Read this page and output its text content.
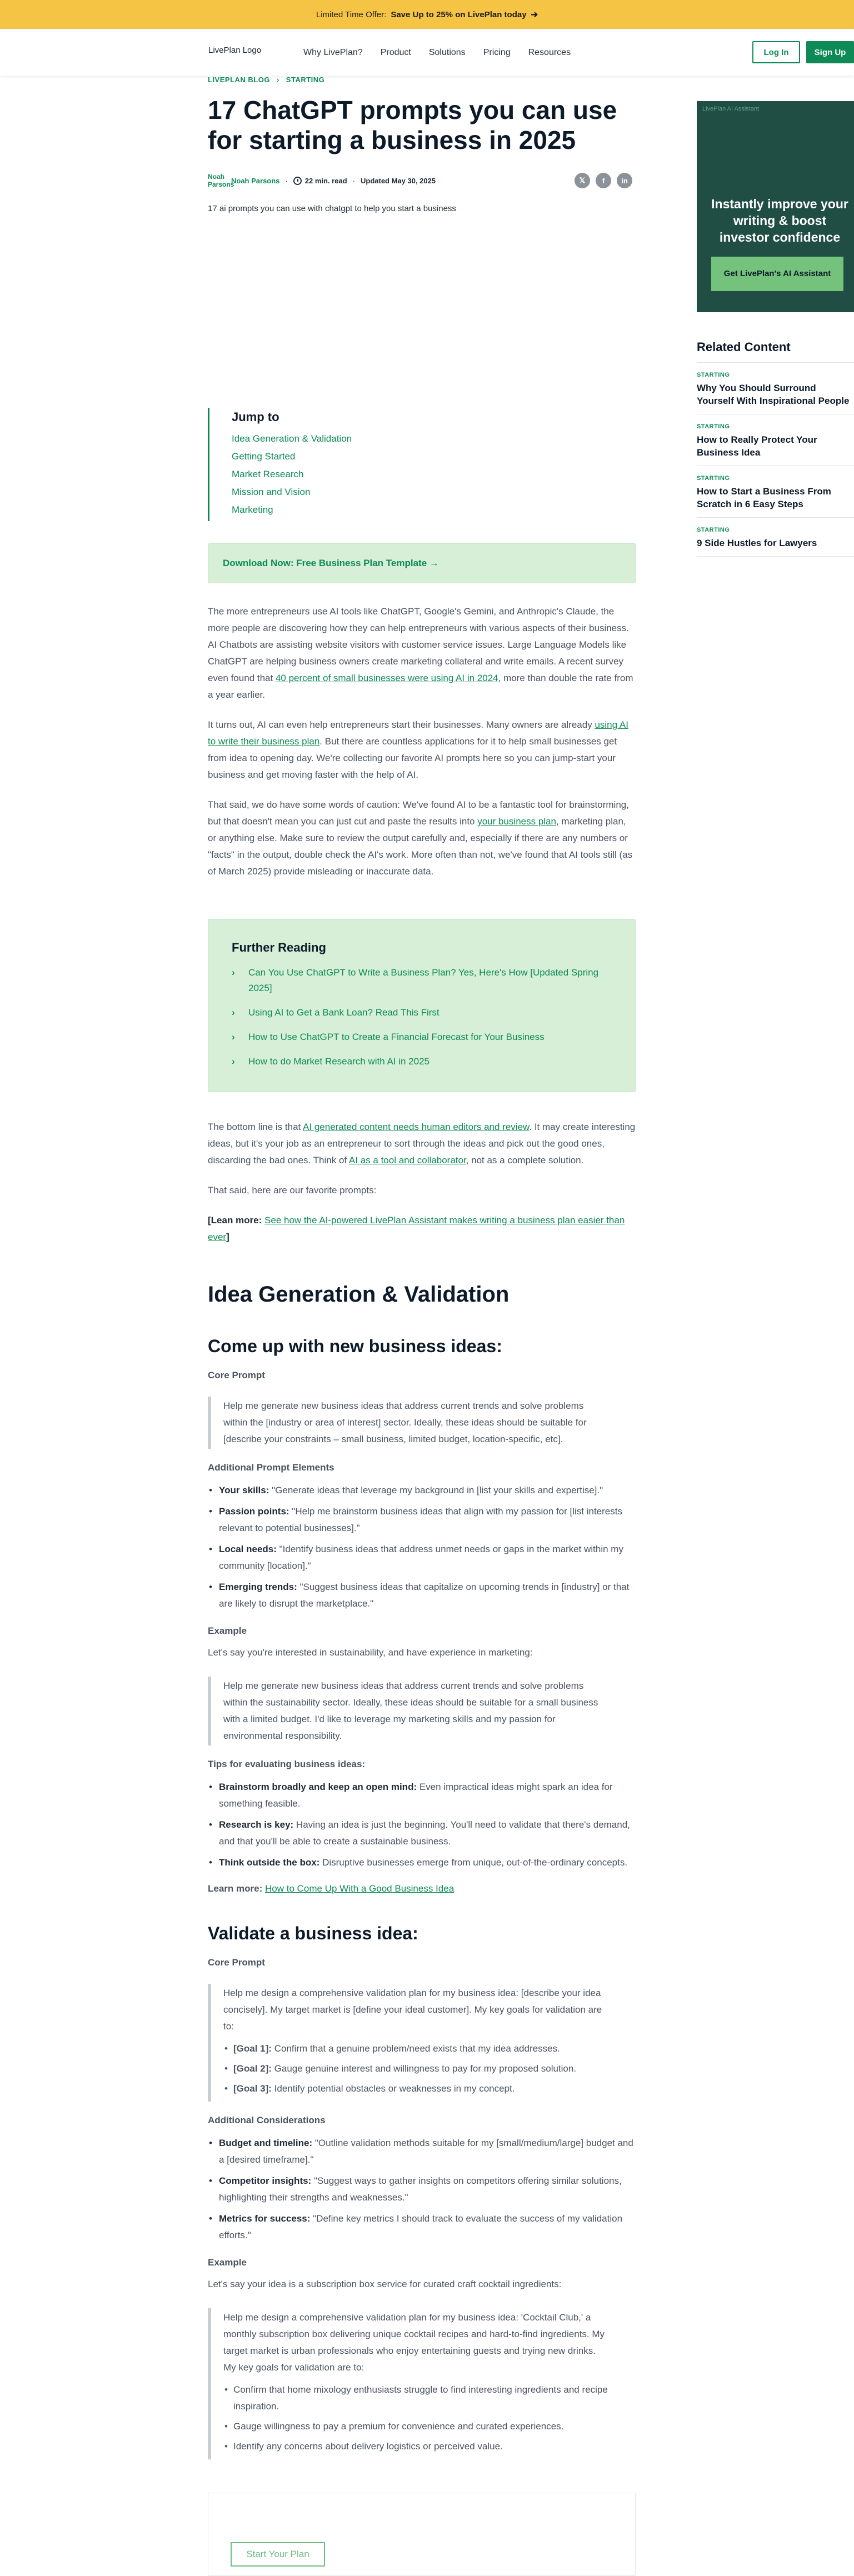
Limited Time Offer: Save Up to 25% on LivePlan today ➔
LivePlan Logo	Why LivePlan? Product Solutions Pricing Resources	Log In	Sign Up
LIVEPLAN BLOG › STARTING
17 ChatGPT prompts you can use for starting a business in 2025
Noah Parsons
Noah Parsons · 22 min. read · Updated May 30, 2025	𝕏	f	in

17 ai prompts you can use with chatgpt to help you start a business

Jump to
Idea Generation & Validation
Getting Started
Market Research
Mission and Vision
Marketing
Download Now: Free Business Plan Template →

The more entrepreneurs use AI tools like ChatGPT, Google's Gemini, and Anthropic's Claude, the more people are discovering how they can help entrepreneurs with various aspects of their business. AI Chatbots are assisting website visitors with customer service issues. Large Language Models like ChatGPT are helping business owners create marketing collateral and write emails. A recent survey even found that 40 percent of small businesses were using AI in 2024, more than double the rate from a year earlier.

It turns out, AI can even help entrepreneurs start their businesses. Many owners are already using AI to write their business plan. But there are countless applications for it to help small businesses get from idea to opening day. We're collecting our favorite AI prompts here so you can jump-start your business and get moving faster with the help of AI.

That said, we do have some words of caution: We've found AI to be a fantastic tool for brainstorming, but that doesn't mean you can just cut and paste the results into your business plan, marketing plan, or anything else. Make sure to review the output carefully and, especially if there are any numbers or "facts" in the output, double check the AI's work. More often than not, we've found that AI tools still (as of March 2025) provide misleading or inaccurate data.

Further Reading
›	Can You Use ChatGPT to Write a Business Plan? Yes, Here's How [Updated Spring 2025]
›	Using AI to Get a Bank Loan? Read This First
›	How to Use ChatGPT to Create a Financial Forecast for Your Business
›	How to do Market Research with AI in 2025

The bottom line is that AI generated content needs human editors and review. It may create interesting ideas, but it's your job as an entrepreneur to sort through the ideas and pick out the good ones, discarding the bad ones. Think of AI as a tool and collaborator, not as a complete solution.

That said, here are our favorite prompts:

[Lean more: See how the AI-powered LivePlan Assistant makes writing a business plan easier than ever]

Idea Generation & Validation
Come up with new business ideas:
Core Prompt
Help me generate new business ideas that address current trends and solve problems within the [industry or area of interest] sector. Ideally, these ideas should be suitable for [describe your constraints – small business, limited budget, location-specific, etc].
Additional Prompt Elements
• Your skills: "Generate ideas that leverage my background in [list your skills and expertise]."
• Passion points: "Help me brainstorm business ideas that align with my passion for [list interests relevant to potential businesses]."
• Local needs: "Identify business ideas that address unmet needs or gaps in the market within my community [location]."
• Emerging trends: "Suggest business ideas that capitalize on upcoming trends in [industry] or that are likely to disrupt the marketplace."
Example

Let's say you're interested in sustainability, and have experience in marketing:

Help me generate new business ideas that address current trends and solve problems within the sustainability sector. Ideally, these ideas should be suitable for a small business with a limited budget. I'd like to leverage my marketing skills and my passion for environmental responsibility.
Tips for evaluating business ideas:
• Brainstorm broadly and keep an open mind: Even impractical ideas might spark an idea for something feasible.
• Research is key: Having an idea is just the beginning. You'll need to validate that there's demand, and that you'll be able to create a sustainable business.
• Think outside the box: Disruptive businesses emerge from unique, out-of-the-ordinary concepts.
Learn more: How to Come Up With a Good Business Idea
Validate a business idea:
Core Prompt
Help me design a comprehensive validation plan for my business idea: [describe your idea concisely]. My target market is [define your ideal customer]. My key goals for validation are to:
• [Goal 1]: Confirm that a genuine problem/need exists that my idea addresses.
• [Goal 2]: Gauge genuine interest and willingness to pay for my proposed solution.
• [Goal 3]: Identify potential obstacles or weaknesses in my concept.
Additional Considerations
• Budget and timeline: "Outline validation methods suitable for my [small/medium/large] budget and a [desired timeframe]."
• Competitor insights: "Suggest ways to gather insights on competitors offering similar solutions, highlighting their strengths and weaknesses."
• Metrics for success: "Define key metrics I should track to evaluate the success of my validation efforts."
Example

Let's say your idea is a subscription box service for curated craft cocktail ingredients:

Help me design a comprehensive validation plan for my business idea: 'Cocktail Club,' a monthly subscription box delivering unique cocktail recipes and hard-to-find ingredients. My target market is urban professionals who enjoy entertaining guests and trying new drinks. My key goals for validation are to:
• Confirm that home mixology enthusiasts struggle to find interesting ingredients and recipe inspiration.
• Gauge willingness to pay a premium for convenience and curated experiences.
• Identify any concerns about delivery logistics or perceived value.
Start Your Plan
LivePlan AI Assistant
Instantly improve your writing & boost investor confidence
Get LivePlan's AI Assistant
Related Content
STARTING
Why You Should Surround Yourself With Inspirational People
STARTING
How to Really Protect Your Business Idea
STARTING
How to Start a Business From Scratch in 6 Easy Steps
STARTING
9 Side Hustles for Lawyers
